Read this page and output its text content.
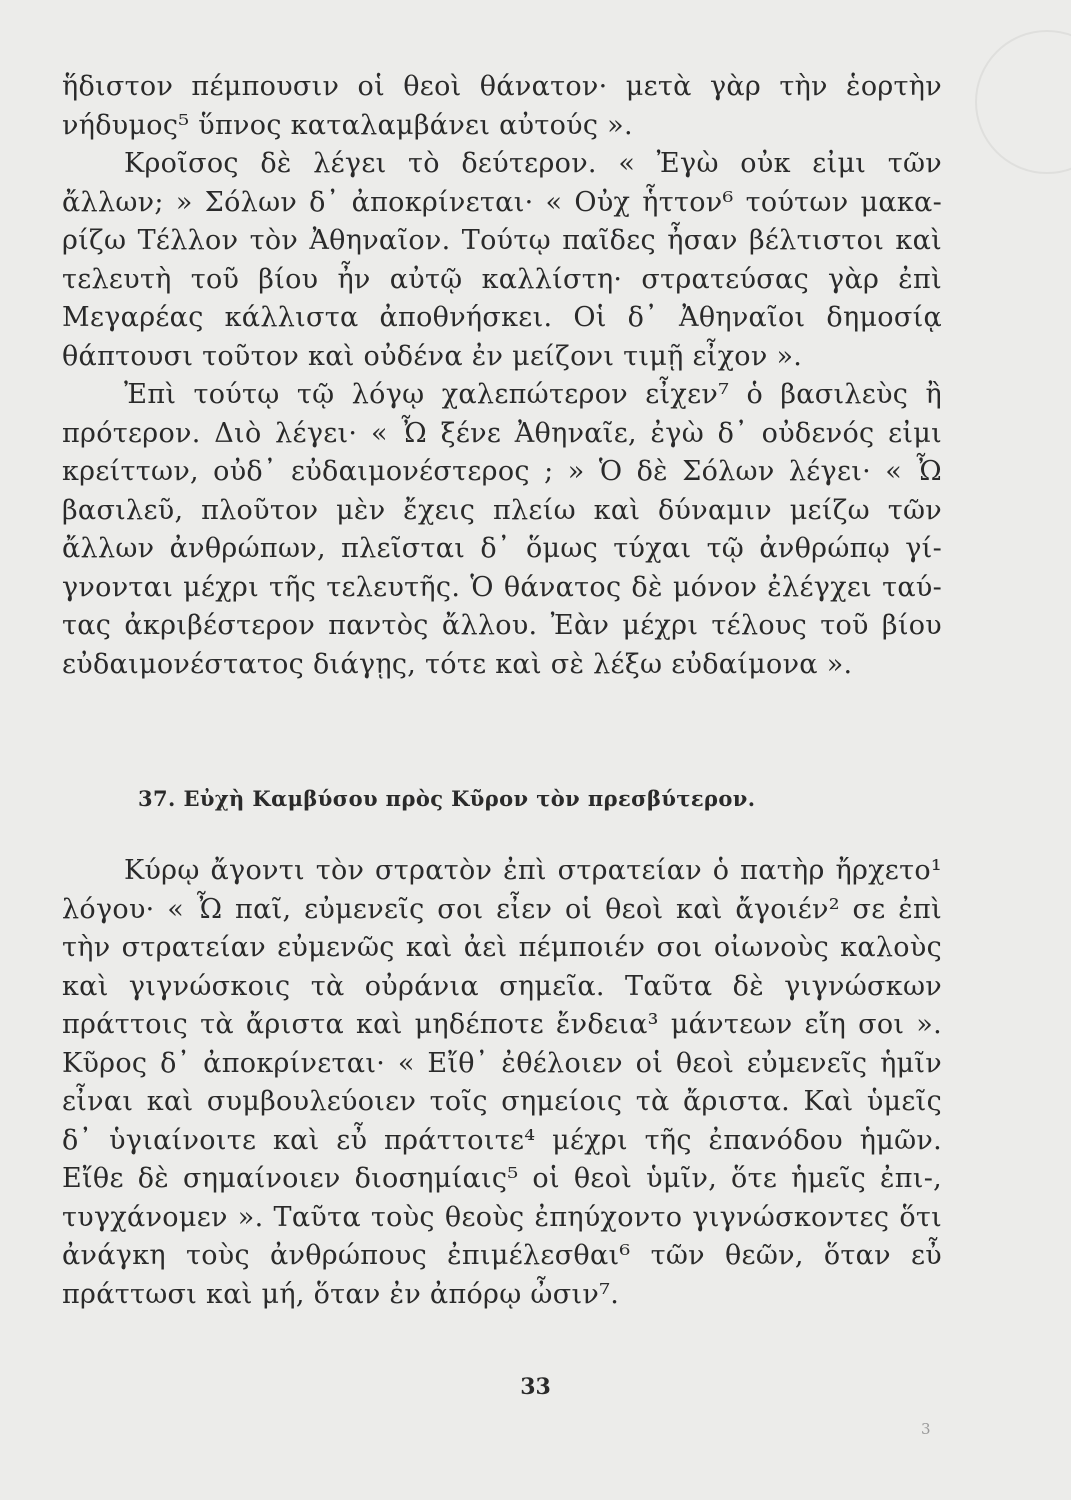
ἥδιστον πέμπουσιν οἱ θεοὶ θάνατον· μετὰ γὰρ τὴν ἑορτὴν
νήδυμος⁵ ὕπνος καταλαμβάνει αὐτούς ».
Κροῖσος δὲ λέγει τὸ δεύτερον. « Ἐγὼ οὐκ εἰμι τῶν
ἄλλων; » Σόλων δ᾿ ἀποκρίνεται· « Οὐχ ἧττον⁶ τούτων μακα-
ρίζω Τέλλον τὸν Ἀθηναῖον. Τούτῳ παῖδες ἦσαν βέλτιστοι καὶ
τελευτὴ τοῦ βίου ἦν αὐτῷ καλλίστη· στρατεύσας γὰρ ἐπὶ
Μεγαρέας κάλλιστα ἀποθνήσκει. Οἱ δ᾿ Ἀθηναῖοι δημοσίᾳ
θάπτουσι τοῦτον καὶ οὐδένα ἐν μείζονι τιμῇ εἶχον ».
Ἐπὶ τούτῳ τῷ λόγῳ χαλεπώτερον εἶχεν⁷ ὁ βασιλεὺς ἢ
πρότερον. Διὸ λέγει· « Ὦ ξένε Ἀθηναῖε, ἐγὼ δ᾿ οὐδενός εἰμι
κρείττων, οὐδ᾿ εὐδαιμονέστερος ; » Ὁ δὲ Σόλων λέγει· « Ὦ
βασιλεῦ, πλοῦτον μὲν ἔχεις πλείω καὶ δύναμιν μείζω τῶν
ἄλλων ἀνθρώπων, πλεῖσται δ᾿ ὅμως τύχαι τῷ ἀνθρώπῳ γί-
γνονται μέχρι τῆς τελευτῆς. Ὁ θάνατος δὲ μόνον ἐλέγχει ταύ-
τας ἀκριβέστερον παντὸς ἄλλου. Ἐὰν μέχρι τέλους τοῦ βίου
εὐδαιμονέστατος διάγῃς, τότε καὶ σὲ λέξω εὐδαίμονα ».
37. Εὐχὴ Καμβύσου πρὸς Κῦρον τὸν πρεσβύτερον.
Κύρῳ ἄγοντι τὸν στρατὸν ἐπὶ στρατείαν ὁ πατὴρ ἤρχετο¹
λόγου· « Ὦ παῖ, εὐμενεῖς σοι εἶεν οἱ θεοὶ καὶ ἄγοιέν² σε ἐπὶ
τὴν στρατείαν εὐμενῶς καὶ ἀεὶ πέμποιέν σοι οἰωνοὺς καλοὺς
καὶ γιγνώσκοις τὰ οὐράνια σημεῖα. Ταῦτα δὲ γιγνώσκων
πράττοις τὰ ἄριστα καὶ μηδέποτε ἔνδεια³ μάντεων εἴη σοι ».
Κῦρος δ᾿ ἀποκρίνεται· « Εἴθ᾿ ἐθέλοιεν οἱ θεοὶ εὐμενεῖς ἡμῖν
εἶναι καὶ συμβουλεύοιεν τοῖς σημείοις τὰ ἄριστα. Καὶ ὑμεῖς
δ᾿ ὑγιαίνοιτε καὶ εὖ πράττοιτε⁴ μέχρι τῆς ἐπανόδου ἡμῶν.
Εἴθε δὲ σημαίνοιεν διοσημίαις⁵ οἱ θεοὶ ὑμῖν, ὅτε ἡμεῖς ἐπι-,
τυγχάνομεν ». Ταῦτα τοὺς θεοὺς ἐπηύχοντο γιγνώσκοντες ὅτι
ἀνάγκη τοὺς ἀνθρώπους ἐπιμέλεσθαι⁶ τῶν θεῶν, ὅταν εὖ
πράττωσι καὶ μή, ὅταν ἐν ἀπόρῳ ὦσιν⁷.
33
3
